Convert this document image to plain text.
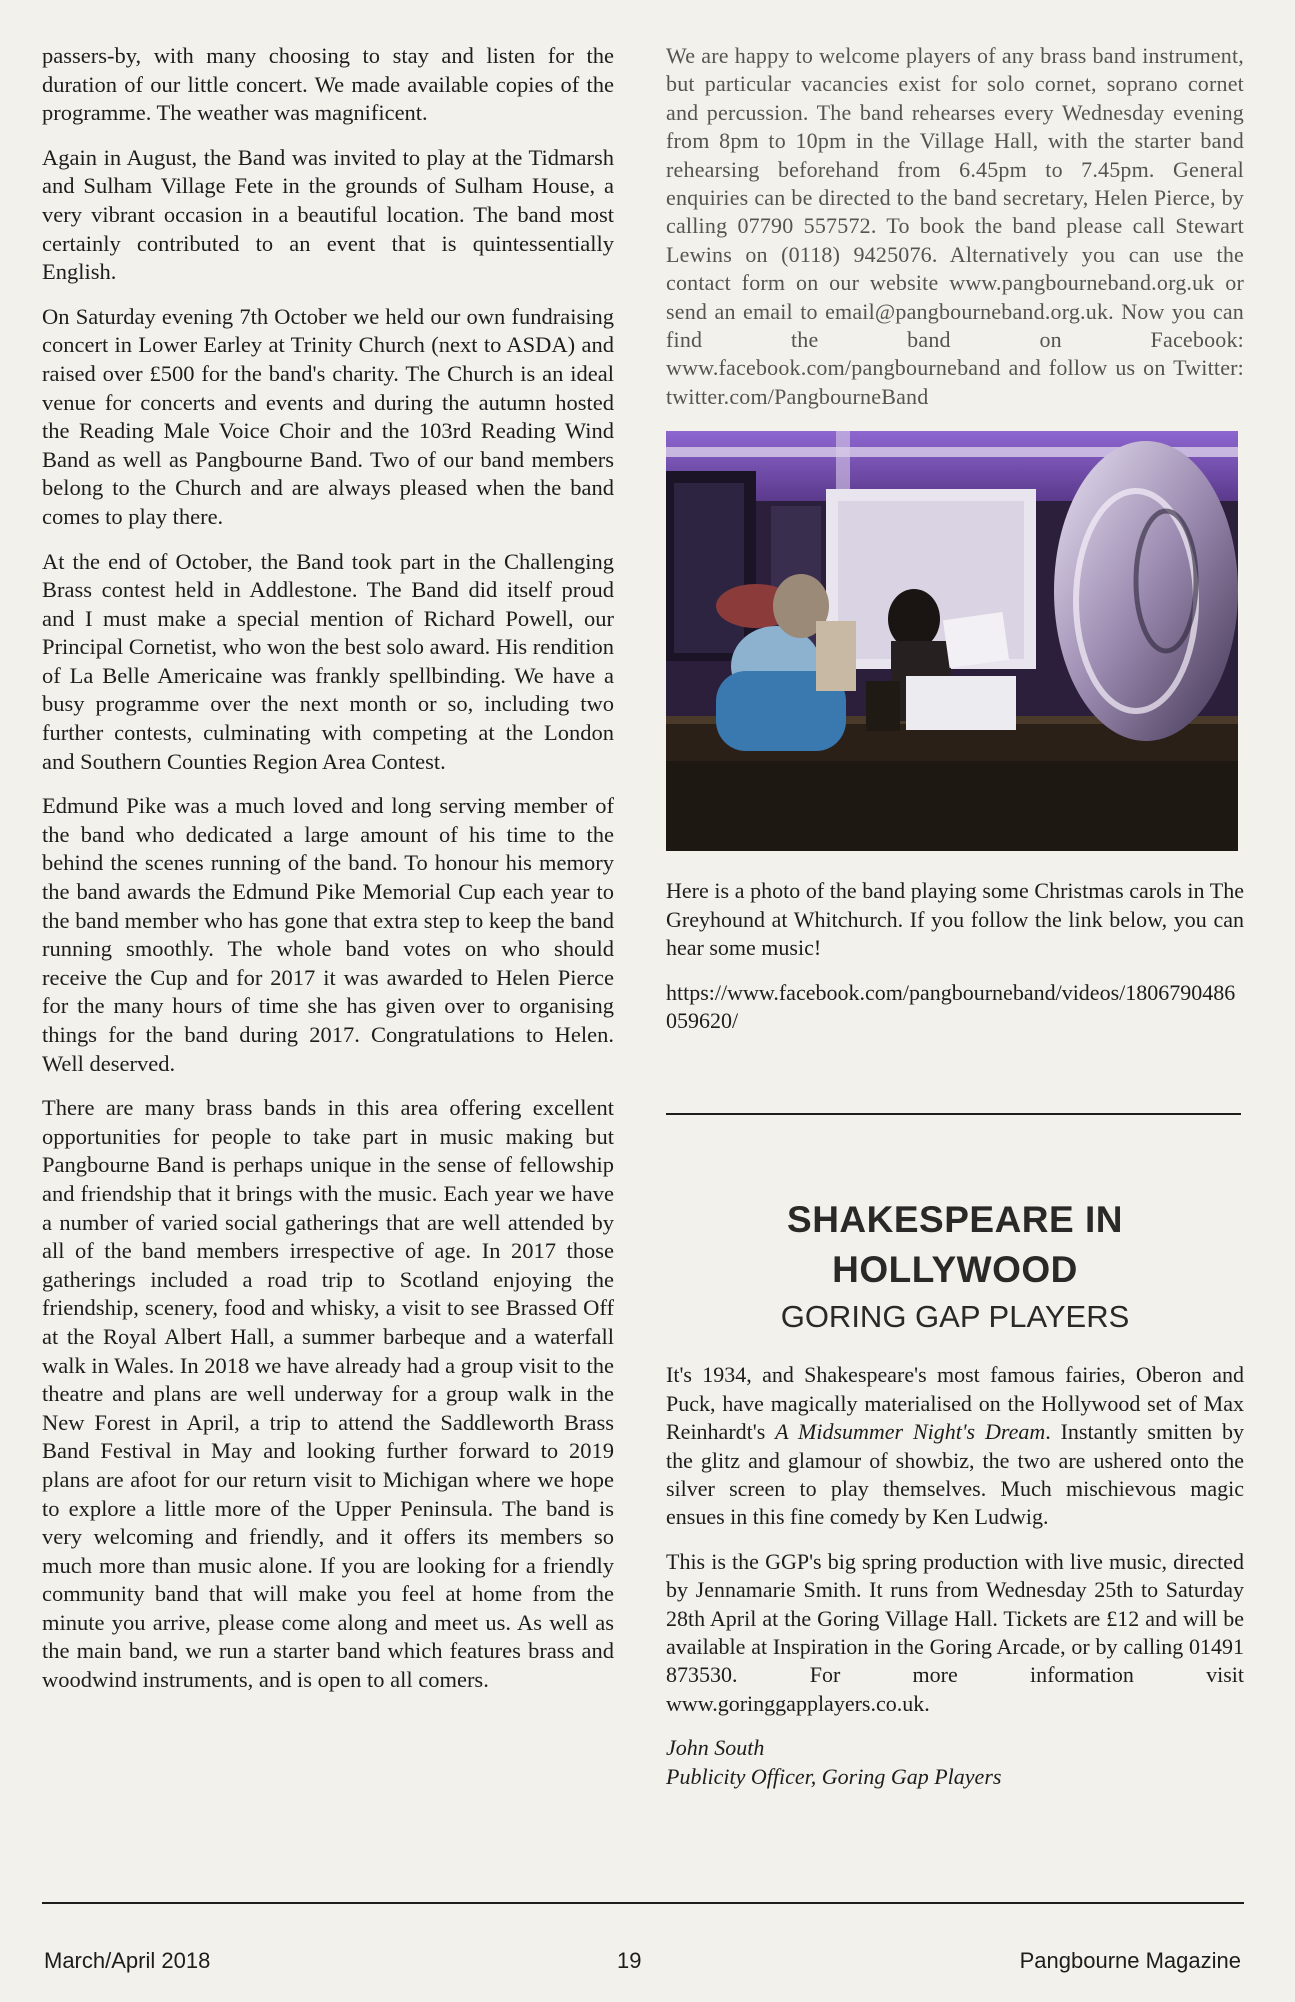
passers-by, with many choosing to stay and listen for the duration of our little concert. We made available copies of the programme. The weather was magnificent.

Again in August, the Band was invited to play at the Tidmarsh and Sulham Village Fete in the grounds of Sulham House, a very vibrant occasion in a beautiful location. The band most certainly contributed to an event that is quintessentially English.

On Saturday evening 7th October we held our own fundraising concert in Lower Earley at Trinity Church (next to ASDA) and raised over £500 for the band's charity. The Church is an ideal venue for concerts and events and during the autumn hosted the Reading Male Voice Choir and the 103rd Reading Wind Band as well as Pangbourne Band. Two of our band members belong to the Church and are always pleased when the band comes to play there.

At the end of October, the Band took part in the Challenging Brass contest held in Addlestone. The Band did itself proud and I must make a special mention of Richard Powell, our Principal Cornetist, who won the best solo award. His rendition of La Belle Americaine was frankly spellbinding. We have a busy programme over the next month or so, including two further contests, culminating with competing at the London and Southern Counties Region Area Contest.

Edmund Pike was a much loved and long serving member of the band who dedicated a large amount of his time to the behind the scenes running of the band. To honour his memory the band awards the Edmund Pike Memorial Cup each year to the band member who has gone that extra step to keep the band running smoothly. The whole band votes on who should receive the Cup and for 2017 it was awarded to Helen Pierce for the many hours of time she has given over to organising things for the band during 2017. Congratulations to Helen. Well deserved.

There are many brass bands in this area offering excellent opportunities for people to take part in music making but Pangbourne Band is perhaps unique in the sense of fellowship and friendship that it brings with the music. Each year we have a number of varied social gatherings that are well attended by all of the band members irrespective of age. In 2017 those gatherings included a road trip to Scotland enjoying the friendship, scenery, food and whisky, a visit to see Brassed Off at the Royal Albert Hall, a summer barbeque and a waterfall walk in Wales. In 2018 we have already had a group visit to the theatre and plans are well underway for a group walk in the New Forest in April, a trip to attend the Saddleworth Brass Band Festival in May and looking further forward to 2019 plans are afoot for our return visit to Michigan where we hope to explore a little more of the Upper Peninsula. The band is very welcoming and friendly, and it offers its members so much more than music alone. If you are looking for a friendly community band that will make you feel at home from the minute you arrive, please come along and meet us. As well as the main band, we run a starter band which features brass and woodwind instruments, and is open to all comers.

We are happy to welcome players of any brass band instrument, but particular vacancies exist for solo cornet, soprano cornet and percussion. The band rehearses every Wednesday evening from 8pm to 10pm in the Village Hall, with the starter band rehearsing beforehand from 6.45pm to 7.45pm. General enquiries can be directed to the band secretary, Helen Pierce, by calling 07790 557572. To book the band please call Stewart Lewins on (0118) 9425076. Alternatively you can use the contact form on our website www.pangbourneband.org.uk or send an email to email@pangbourneband.org.uk. Now you can find the band on Facebook: www.facebook.com/pangbourneband and follow us on Twitter: twitter.com/PangbourneBand

Here is a photo of the band playing some Christmas carols in The Greyhound at Whitchurch. If you follow the link below, you can hear some music!

https://www.facebook.com/pangbourneband/videos/1806790486059620/

SHAKESPEARE IN HOLLYWOOD
GORING GAP PLAYERS

It's 1934, and Shakespeare's most famous fairies, Oberon and Puck, have magically materialised on the Hollywood set of Max Reinhardt's A Midsummer Night's Dream. Instantly smitten by the glitz and glamour of showbiz, the two are ushered onto the silver screen to play themselves. Much mischievous magic ensues in this fine comedy by Ken Ludwig.

This is the GGP's big spring production with live music, directed by Jennamarie Smith. It runs from Wednesday 25th to Saturday 28th April at the Goring Village Hall. Tickets are £12 and will be available at Inspiration in the Goring Arcade, or by calling 01491 873530. For more information visit www.goringgapplayers.co.uk.

John South

Publicity Officer, Goring Gap Players

March/April 2018	19	Pangbourne Magazine
